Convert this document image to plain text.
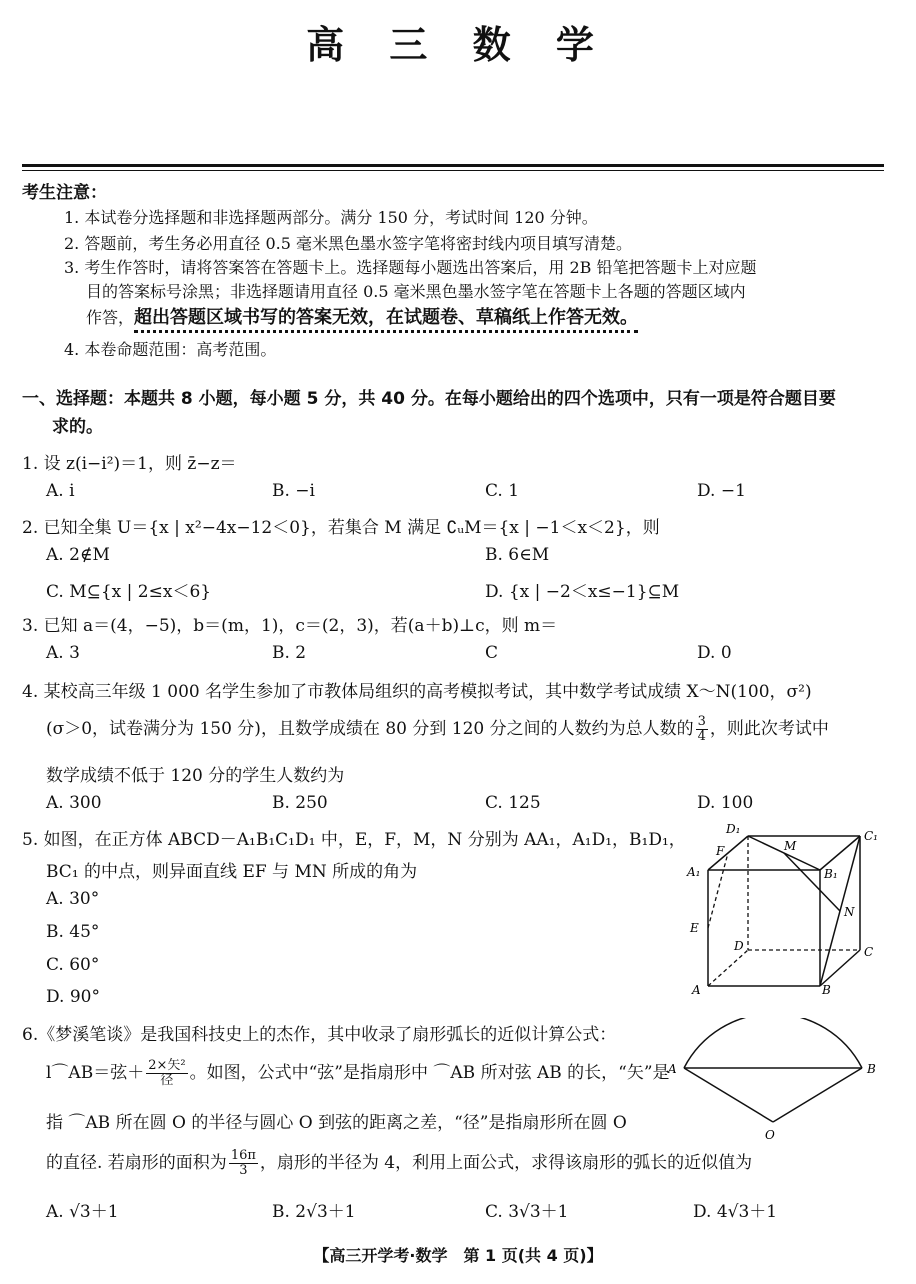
高 三 数 学
考生注意：
1. 本试卷分选择题和非选择题两部分。满分 150 分，考试时间 120 分钟。
2. 答题前，考生务必用直径 0.5 毫米黑色墨水签字笔将密封线内项目填写清楚。
3. 考生作答时，请将答案答在答题卡上。选择题每小题选出答案后，用 2B 铅笔把答题卡上对应题
目的答案标号涂黑；非选择题请用直径 0.5 毫米黑色墨水签字笔在答题卡上各题的答题区域内
作答，超出答题区域书写的答案无效，在试题卷、草稿纸上作答无效。
4. 本卷命题范围：高考范围。
一、选择题：本题共 8 小题，每小题 5 分，共 40 分。在每小题给出的四个选项中，只有一项是符合题目要
求的。
1. 设 z(i−i²)＝1，则 z̄−z＝
A. i	B. −i	C. 1	D. −1
2. 已知全集 U＝{x | x²−4x−12＜0}，若集合 M 满足 ∁ᵤM＝{x | −1＜x＜2}，则
A. 2∉M	B. 6∈M
C. M⊆{x | 2≤x＜6}	D. {x | −2＜x≤−1}⊆M
3. 已知 a＝(4，−5)，b＝(m，1)，c＝(2，3)，若(a＋b)⊥c，则 m＝
A. 3	B. 2	C	D. 0
4. 某校高三年级 1 000 名学生参加了市教体局组织的高考模拟考试，其中数学考试成绩 X～N(100，σ²)
(σ＞0，试卷满分为 150 分)，且数学成绩在 80 分到 120 分之间的人数约为总人数的 $\frac{3}{4}$ ，则此次考试中
数学成绩不低于 120 分的学生人数约为
A. 300	B. 250	C. 125	D. 100
5. 如图，在正方体 ABCD－A₁B₁C₁D₁ 中，E，F，M，N 分别为 AA₁，A₁D₁，B₁D₁，
BC₁ 的中点，则异面直线 EF 与 MN 所成的角为
A. 30°
B. 45°
C. 60°
D. 90°
D₁	C₁
A₁	B₁
F	M
N
E
D	C
A	B
6.《梦溪笔谈》是我国科技史上的杰作，其中收录了扇形弧长的近似计算公式：
l⌒AB＝弦＋ $\frac{\text{2×矢²}}{\text{径}}$ 。如图，公式中“弦”是指扇形中 ⌒AB 所对弦 AB 的长，“矢”是
指 ⌒AB 所在圆 O 的半径与圆心 O 到弦的距离之差，“径”是指扇形所在圆 O
的直径. 若扇形的面积为 $\frac{16\pi}{3}$ ，扇形的半径为 4，利用上面公式，求得该扇形的弧长的近似值为
A. √3＋1	B. 2√3＋1	C. 3√3＋1	D. 4√3＋1
A	B
O
【高三开学考·数学　第 1 页(共 4 页)】
